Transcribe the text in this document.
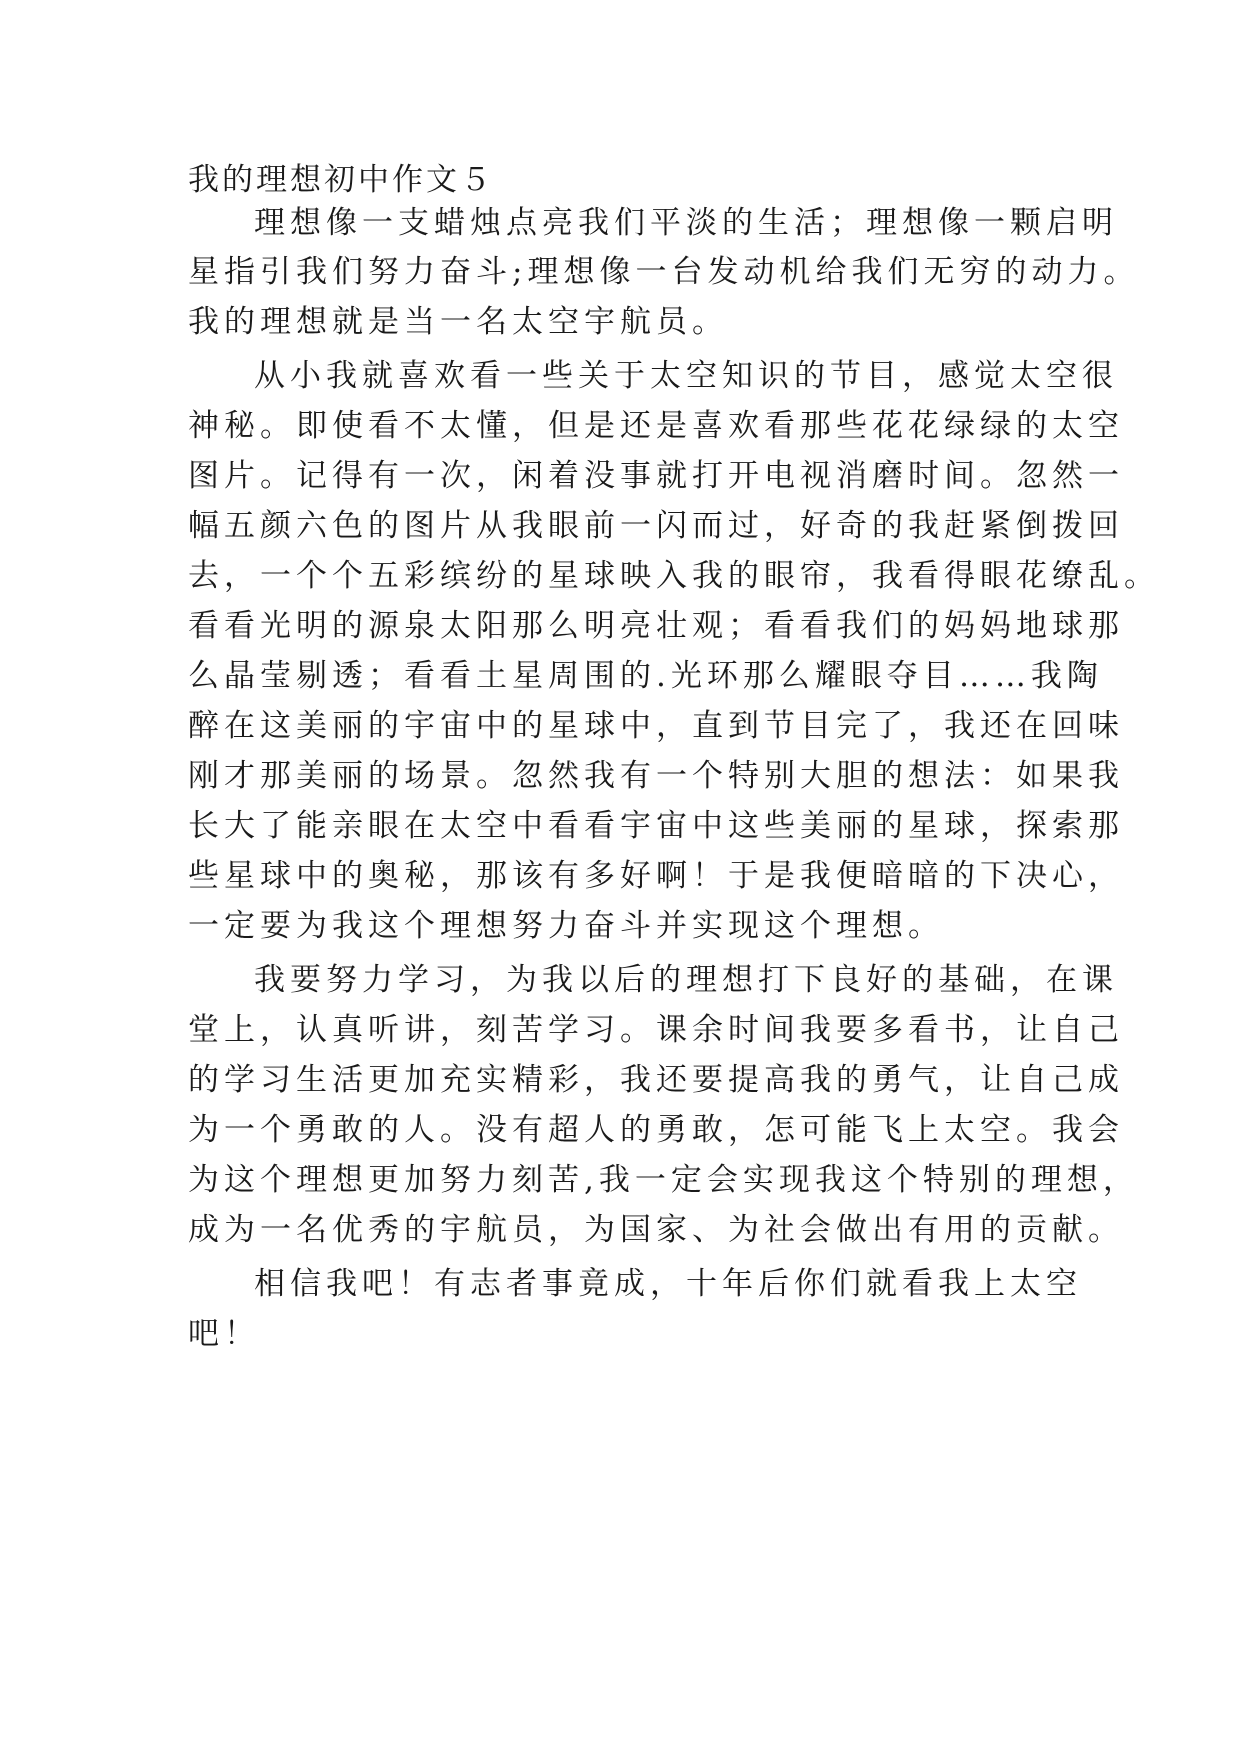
我的理想初中作文５
理想像一支蜡烛点亮我们平淡的生活；理想像一颗启明
星指引我们努力奋斗;理想像一台发动机给我们无穷的动力。
我的理想就是当一名太空宇航员。
从小我就喜欢看一些关于太空知识的节目，感觉太空很
神秘。即使看不太懂，但是还是喜欢看那些花花绿绿的太空
图片。记得有一次，闲着没事就打开电视消磨时间。忽然一
幅五颜六色的图片从我眼前一闪而过，好奇的我赶紧倒拨回
去，一个个五彩缤纷的星球映入我的眼帘，我看得眼花缭乱。
看看光明的源泉太阳那么明亮壮观；看看我们的妈妈地球那
么晶莹剔透；看看土星周围的.光环那么耀眼夺目……我陶
醉在这美丽的宇宙中的星球中，直到节目完了，我还在回味
刚才那美丽的场景。忽然我有一个特别大胆的想法：如果我
长大了能亲眼在太空中看看宇宙中这些美丽的星球，探索那
些星球中的奥秘，那该有多好啊！于是我便暗暗的下决心，
一定要为我这个理想努力奋斗并实现这个理想。
我要努力学习，为我以后的理想打下良好的基础，在课
堂上，认真听讲，刻苦学习。课余时间我要多看书，让自己
的学习生活更加充实精彩，我还要提高我的勇气，让自己成
为一个勇敢的人。没有超人的勇敢，怎可能飞上太空。我会
为这个理想更加努力刻苦,我一定会实现我这个特别的理想，
成为一名优秀的宇航员，为国家、为社会做出有用的贡献。
相信我吧！有志者事竟成，十年后你们就看我上太空
吧！
